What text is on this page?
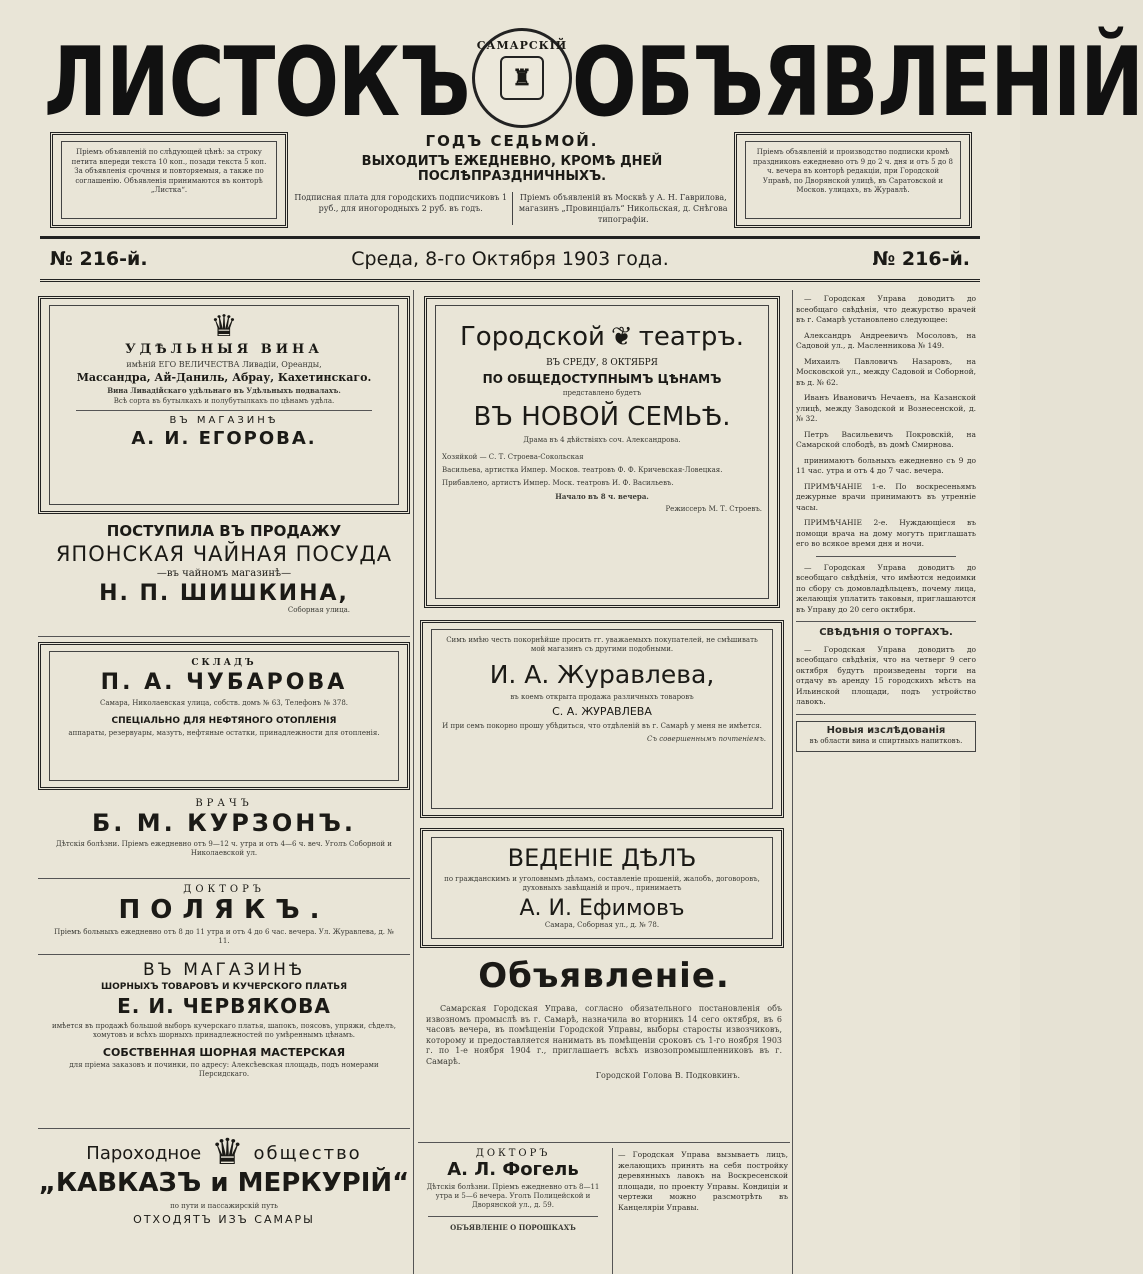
ЛИСТОКЪ САМАРСКІЙ
♜ ОБЪЯВЛЕНІЙ
Пріемъ объявленій по слѣдующей цѣнѣ: за строку петита впереди текста 10 коп., позади текста 5 коп. За объявленія срочныя и повторяемыя, а также по соглашенію. Объявленія принимаются въ конторѣ „Листка“.
ГОДЪ СЕДЬМОЙ.
ВЫХОДИТЪ ЕЖЕДНЕВНО, КРОМѢ ДНЕЙ ПОСЛѢПРАЗДНИЧНЫХЪ.
Подписная плата для городскихъ подписчиковъ 1 руб., для иногородныхъ 2 руб. въ годъ.
Пріемъ объявленій въ Москвѣ у А. Н. Гаврилова, магазинъ „Провинціалъ“ Никольская, д. Снѣгова типографіи.
Пріемъ объявленій и производство подписки кромѣ праздниковъ ежедневно отъ 9 до 2 ч. дня и отъ 5 до 8 ч. вечера въ конторѣ редакціи, при Городской Управѣ, по Дворянской улицѣ, въ Саратовской и Москов. улицахъ, въ Журавлѣ.
№ 216-й.	Среда, 8-го Октября 1903 года.	№ 216-й.
♛
УДѢЛЬНЫЯ ВИНА
имѣній ЕГО ВЕЛИЧЕСТВА Ливадіи, Ореанды,
Массандра, Ай-Даниль, Абрау, Кахетинскаго.
Вина Ливадійскаго удѣльнаго въ Удѣльныхъ подвалахъ.
Всѣ сорта въ бутылкахъ и полубутылкахъ по цѣнамъ удѣла.
ВЪ МАГАЗИНѢ
А. И. ЕГОРОВА.
ПОСТУПИЛА ВЪ ПРОДАЖУ
ЯПОНСКАЯ ЧАЙНАЯ ПОСУДА
—въ чайномъ магазинѣ—
Н. П. ШИШКИНА,
Соборная улица.
СКЛАДЪ
П. А. ЧУБАРОВА
Самара, Николаевская улица, собств. домъ № 63, Телефонъ № 378.
СПЕЦІАЛЬНО ДЛЯ НЕФТЯНОГО ОТОПЛЕНІЯ
аппараты, резервуары, мазутъ, нефтяные остатки, принадлежности для отопленія.
ВРАЧЪ
Б. М. КУРЗОНЪ.
Дѣтскія болѣзни. Пріемъ ежедневно отъ 9—12 ч. утра и отъ 4—6 ч. веч. Уголъ Соборной и Николаевской ул.
ДОКТОРЪ
ПОЛЯКЪ.
Пріемъ больныхъ ежедневно отъ 8 до 11 утра и отъ 4 до 6 час. вечера. Ул. Журавлева, д. № 11.
ВЪ МАГАЗИНѢ
ШОРНЫХЪ ТОВАРОВЪ И КУЧЕРСКОГО ПЛАТЬЯ
Е. И. ЧЕРВЯКОВА
имѣется въ продажѣ большой выборъ кучерскаго платья, шапокъ, поясовъ, упряжи, сѣделъ, хомутовъ и всѣхъ шорныхъ принадлежностей по умѣреннымъ цѣнамъ.
СОБСТВЕННАЯ ШОРНАЯ МАСТЕРСКАЯ
для пріема заказовъ и починки, по адресу: Алексѣевская площадь, подъ номерами Персидскаго.
Пароходное ♛ общество
„КАВКАЗЪ и МЕРКУРІЙ“
по пути и пассажирскій путь
ОТХОДЯТЪ ИЗЪ САМАРЫ
Городской ❦ театръ.
ВЪ СРЕДУ, 8 ОКТЯБРЯ
ПО ОБЩЕДОСТУПНЫМЪ ЦѢНАМЪ
представлено будетъ
ВЪ НОВОЙ СЕМЬѢ.
Драма въ 4 дѣйствіяхъ соч. Александрова.
Хозяйкой — С. Т. Строева-Сокольская
Васильева, артистка Импер. Москов. театровъ Ф. Ф. Кричевская-Ловецкая.
Прибавлено, артистъ Импер. Моск. театровъ И. Ф. Васильевъ.
Начало въ 8 ч. вечера.
Режиссеръ М. Т. Строевъ.
Симъ имѣю честь покорнѣйше просить гг. уважаемыхъ покупателей, не смѣшивать мой магазинъ съ другими подобными.
И. А. Журавлева,
въ коемъ открыта продажа различныхъ товаровъ
С. А. ЖУРАВЛЕВА
И при семъ покорно прошу убѣдиться, что отдѣленій въ г. Самарѣ у меня не имѣется.
Съ совершеннымъ почтеніемъ.
ВЕДЕНІЕ ДѢЛЪ
по гражданскимъ и уголовнымъ дѣламъ, составленіе прошеній, жалобъ, договоровъ, духовныхъ завѣщаній и проч., принимаетъ
А. И. Ефимовъ
Самара, Соборная ул., д. № 78.
Объявленіе.
Самарская Городская Управа, согласно обязательного постановленія объ извозномъ промыслѣ въ г. Самарѣ, назначила во вторникъ 14 сего октября, въ 6 часовъ вечера, въ помѣщеніи Городской Управы, выборы старосты извозчиковъ, которому и предоставляется нанимать въ помѣщеніи сроковъ съ 1-го ноября 1903 г. по 1-е ноября 1904 г., приглашаетъ всѣхъ извозопромышленниковъ въ г. Самарѣ.
Городской Голова В. Подковкинъ.
ДОКТОРЪ
А. Л. Фогель
Дѣтскія болѣзни. Пріемъ ежедневно отъ 8—11 утра и 5—6 вечера. Уголъ Полицейской и Дворянской ул., д. 59.
ОБЪЯВЛЕНІЕ О ПОРОШКАХЪ
— Городская Управа вызываетъ лицъ, желающихъ принять на себя постройку деревянныхъ лавокъ на Воскресенской площади, по проекту Управы. Кондиціи и чертежи можно разсмотрѣть въ Канцеляріи Управы.

— Городская Управа доводитъ до всеобщаго свѣдѣнія, что дежурство врачей въ г. Самарѣ установлено следующее:

Александръ Андреевичъ Мосоловъ, на Садовой ул., д. Масленникова № 149.

Михаилъ Павловичъ Назаровъ, на Московской ул., между Садовой и Соборной, въ д. № 62.

Иванъ Ивановичъ Нечаевъ, на Казанской улицѣ, между Заводской и Вознесенской, д. № 32.

Петръ Васильевичъ Покровскій, на Самарской слободѣ, въ домѣ Смирнова.

принимаютъ больныхъ ежедневно съ 9 до 11 час. утра и отъ 4 до 7 час. вечера.

ПРИМѢЧАНІЕ 1-е. По воскресеньямъ дежурные врачи принимаютъ въ утренніе часы.

ПРИМѢЧАНІЕ 2-е. Нуждающіеся въ помощи врача на дому могутъ приглашать его во всякое время дня и ночи.

— Городская Управа доводитъ до всеобщаго свѣдѣнія, что имѣются недоимки по сбору съ домовладѣльцевъ, почему лица, желающія уплатить таковыя, приглашаются въ Управу до 20 сего октября.

СВѢДѢНІЯ О ТОРГАХЪ.

— Городская Управа доводитъ до всеобщаго свѣдѣнія, что на четверг 9 сего октября будутъ произведены торги на отдачу въ аренду 15 городскихъ мѣстъ на Ильинской площади, подъ устройство лавокъ.

Новыя изслѣдованія
въ области вина и спиртныхъ напитковъ.
